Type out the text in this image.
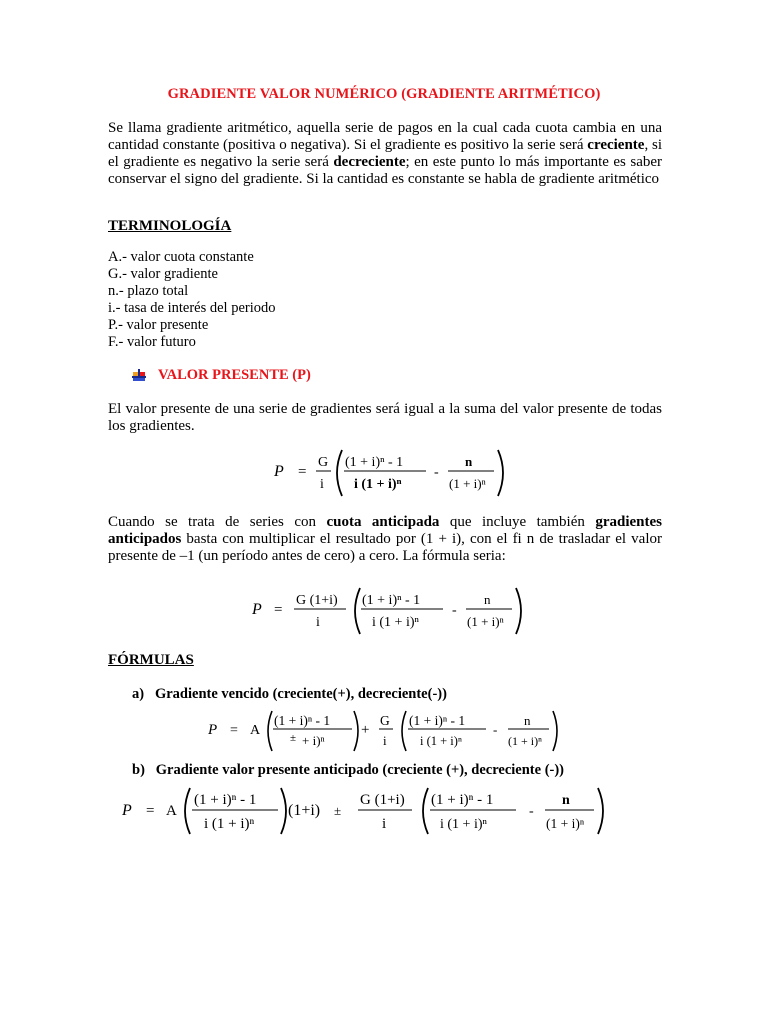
GRADIENTE VALOR NUMÉRICO (GRADIENTE ARITMÉTICO)

Se llama gradiente aritmético, aquella serie de pagos en la cual cada cuota cambia en una cantidad constante (positiva o negativa). Si el gradiente es positivo la serie será creciente, si el gradiente es negativo la serie será decreciente; en este punto lo más importante es saber conservar el signo del gradiente. Si la cantidad es constante se habla de gradiente aritmético

TERMINOLOGÍA
A.- valor cuota constante
G.- valor gradiente
n.- plazo total
i.- tasa de interés del periodo
P.- valor presente
F.- valor futuro
VALOR PRESENTE (P)

El valor presente de una serie de gradientes será igual a la suma del valor presente de todas los gradientes.

P =
G
i
(1 + i)ⁿ - 1
i (1 + i)ⁿ
-
n
(1 + i)ⁿ

Cuando se trata de series con cuota anticipada que incluye también gradientes anticipados basta con multiplicar el resultado por (1 + i), con el fi n de trasladar el valor presente de –1 (un período antes de cero) a cero. La fórmula seria:

P =
G (1+i)
i
(1 + i)ⁿ - 1
i (1 + i)ⁿ
-
n
(1 + i)ⁿ
FÓRMULAS
a) Gradiente vencido (creciente(+), decreciente(-))
P = A
(1 + i)ⁿ - 1
± + i)ⁿ
+
G
i
(1 + i)ⁿ - 1
i (1 + i)ⁿ
-
n
(1 + i)ⁿ
b) Gradiente valor presente anticipado (creciente (+), decreciente (-))
P = A
(1 + i)ⁿ - 1
i (1 + i)ⁿ
(1+i) ±
G (1+i)
i
(1 + i)ⁿ - 1
i (1 + i)ⁿ
-
n
(1 + i)ⁿ
